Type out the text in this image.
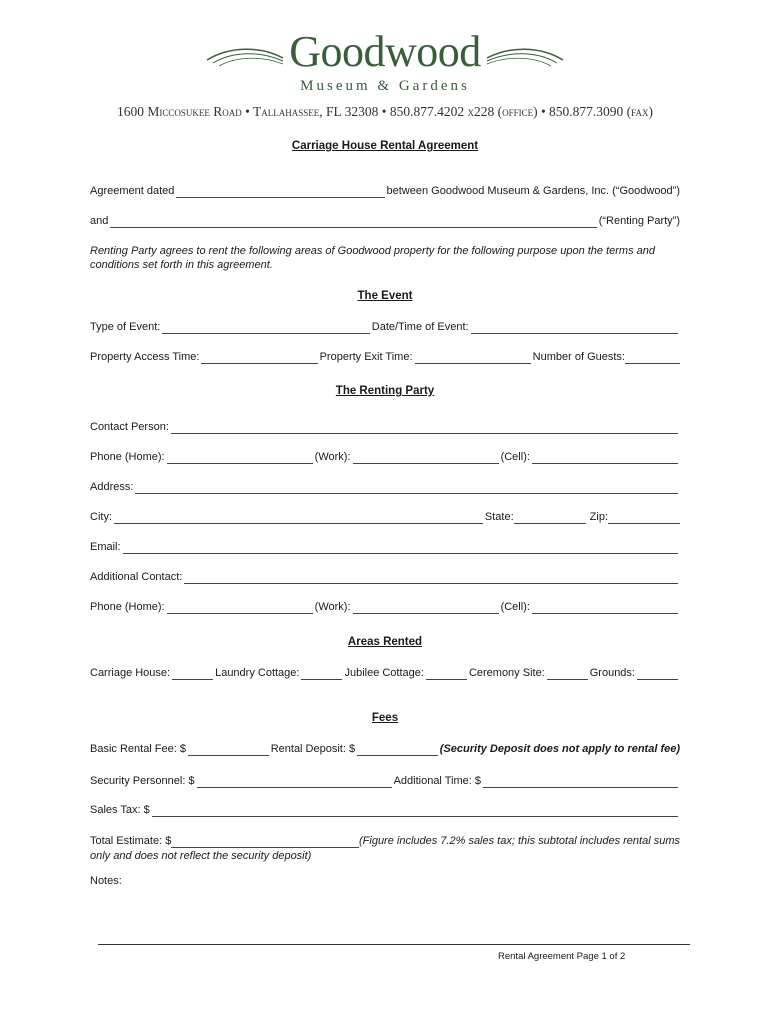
Goodwood
Museum & Gardens
1600 Miccosukee Road • Tallahassee, FL 32308 • 850.877.4202 x228 (office) • 850.877.3090 (fax)
Carriage House Rental Agreement
Agreement dated	between Goodwood Museum & Gardens, Inc. (“Goodwood”)
and	(“Renting Party”)
Renting Party agrees to rent the following areas of Goodwood property for the following purpose upon the terms and conditions set forth in this agreement.
The Event
Type of Event:	Date/Time of Event:
Property Access Time:	Property Exit Time:	Number of Guests:
The Renting Party
Contact Person:
Phone (Home):	(Work):	(Cell):
Address:
City:	State:	Zip:
Email:
Additional Contact:
Phone (Home):	(Work):	(Cell):
Areas Rented
Carriage House:	Laundry Cottage:	Jubilee Cottage:	Ceremony Site:	Grounds:
Fees
Basic Rental Fee: $	Rental Deposit: $	(Security Deposit does not apply to rental fee)
Security Personnel: $	Additional Time: $
Sales Tax: $
Total Estimate: $	(Figure includes 7.2% sales tax; this subtotal includes rental sums
only and does not reflect the security deposit)
Notes:
Rental Agreement Page 1 of 2
